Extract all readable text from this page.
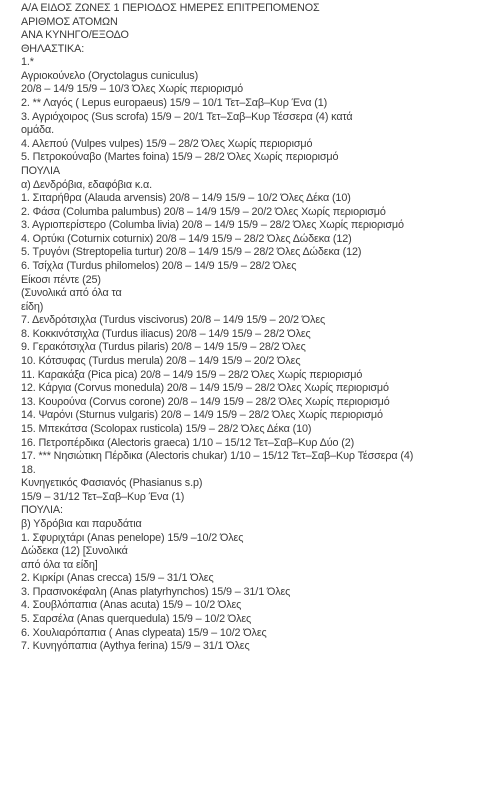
Α/Α ΕΙΔΟΣ ΖΩΝΕΣ 1 ΠΕΡΙΟΔΟΣ ΗΜΕΡΕΣ ΕΠΙΤΡΕΠΟΜΕΝΟΣ
ΑΡΙΘΜΟΣ ΑΤΟΜΩΝ
ΑΝΑ ΚΥΝΗΓΟ/ΕΞΟΔΟ
ΘΗΛΑΣΤΙΚΑ:
1.*
Αγριοκούνελο (Oryctolagus cuniculus)
20/8 – 14/9 15/9 – 10/3 Όλες Χωρίς περιορισμό
2. ** Λαγός ( Lepus europaeus) 15/9 – 10/1 Τετ–Σαβ–Κυρ Ένα (1)
3. Αγριόχοιρος (Sus scrofa) 15/9 – 20/1 Τετ–Σαβ–Κυρ Τέσσερα (4) κατά
ομάδα.
4. Αλεπού (Vulpes vulpes) 15/9 – 28/2 Όλες Χωρίς περιορισμό
5. Πετροκούναβο (Martes foina) 15/9 – 28/2 Όλες Χωρίς περιορισμό
ΠΟΥΛΙΑ
α) Δενδρόβια, εδαφόβια κ.α.
1. Σιταρήθρα (Alauda arvensis) 20/8 – 14/9 15/9 – 10/2 Όλες Δέκα (10)
2. Φάσα (Columba palumbus) 20/8 – 14/9 15/9 – 20/2 Όλες Χωρίς περιορισμό
3. Αγριοπερίστερο (Columba livia) 20/8 – 14/9 15/9 – 28/2 Όλες Χωρίς περιορισμό
4. Ορτύκι (Coturnix coturnix) 20/8 – 14/9 15/9 – 28/2 Όλες Δώδεκα (12)
5. Τρυγόνι (Streptopelia turtur) 20/8 – 14/9 15/9 – 28/2 Όλες Δώδεκα (12)
6. Τσίχλα (Turdus philomelos) 20/8 – 14/9 15/9 – 28/2 Όλες
Είκοσι πέντε (25)
(Συνολικά από όλα τα
είδη)
7. Δενδρότσιχλα (Turdus viscivorus) 20/8 – 14/9 15/9 – 20/2 Όλες
8. Κοκκινότσιχλα (Turdus iliacus) 20/8 – 14/9 15/9 – 28/2 Όλες
9. Γερακότσιχλα (Turdus pilaris) 20/8 – 14/9 15/9 – 28/2 Όλες
10. Κότσυφας (Turdus merula) 20/8 – 14/9 15/9 – 20/2 Όλες
11. Καρακάξα (Pica pica) 20/8 – 14/9 15/9 – 28/2 Όλες Χωρίς περιορισμό
12. Κάργια (Corvus monedula) 20/8 – 14/9 15/9 – 28/2 Όλες Χωρίς περιορισμό
13. Κουρούνα (Corvus corone) 20/8 – 14/9 15/9 – 28/2 Όλες Χωρίς περιορισμό
14. Ψαρόνι (Sturnus vulgaris) 20/8 – 14/9 15/9 – 28/2 Όλες Χωρίς περιορισμό
15. Μπεκάτσα (Scolopax rusticola) 15/9 – 28/2 Όλες Δέκα (10)
16. Πετροπέρδικα (Alectoris graeca) 1/10 – 15/12 Τετ–Σαβ–Κυρ Δύο (2)
17. *** Νησιώτικη Πέρδικα (Alectoris chukar) 1/10 – 15/12 Τετ–Σαβ–Κυρ Τέσσερα (4)
18.
Κυνηγετικός Φασιανός (Phasianus s.p)
15/9 – 31/12 Τετ–Σαβ–Κυρ Ένα (1)
ΠΟΥΛΙΑ:
β) Υδρόβια και παρυδάτια
1. Σφυριχτάρι (Anas penelope) 15/9 –10/2 Όλες
Δώδεκα (12) [Συνολικά
από όλα τα είδη]
2. Κιρκίρι (Anas crecca) 15/9 – 31/1 Όλες
3. Πρασινοκέφαλη (Anas platyrhynchos) 15/9 – 31/1 Όλες
4. Σουβλόπαπια (Anas acuta) 15/9 – 10/2 Όλες
5. Σαρσέλα (Anas querquedula) 15/9 – 10/2 Όλες
6. Χουλιαρόπαπια ( Anas clypeata) 15/9 – 10/2 Όλες
7. Κυνηγόπαπια (Aythya ferina) 15/9 – 31/1 Όλες
